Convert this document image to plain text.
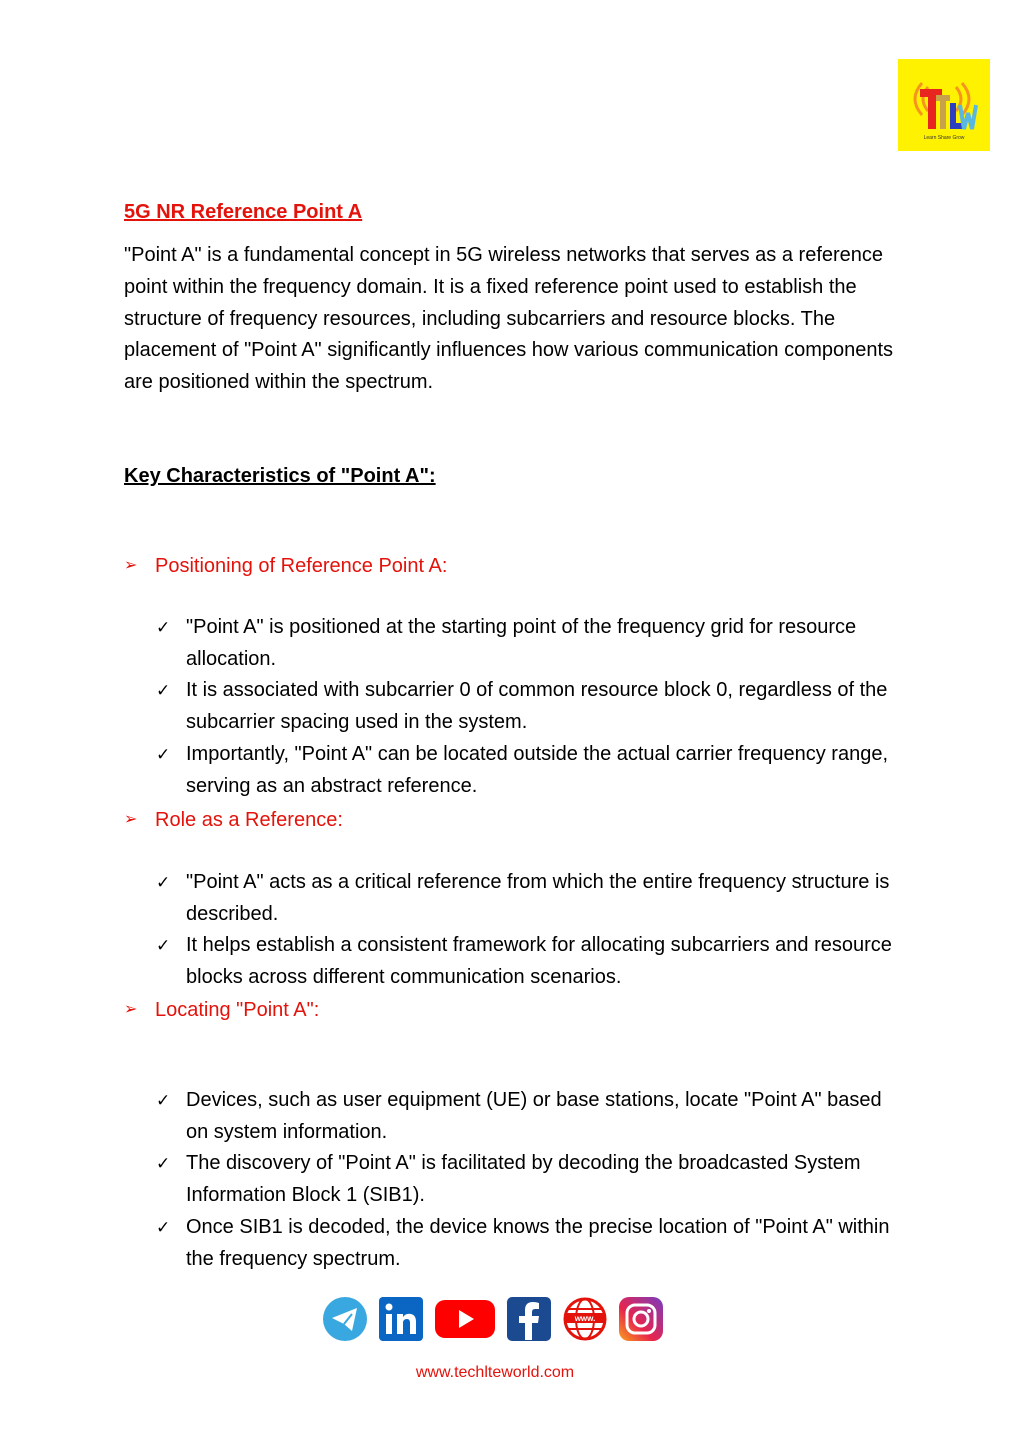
Learn Share Grow
5G NR Reference Point A

"Point A" is a fundamental concept in 5G wireless networks that serves as a reference point within the frequency domain. It is a fixed reference point used to establish the structure of frequency resources, including subcarriers and resource blocks. The placement of "Point A" significantly influences how various communication components are positioned within the spectrum.

Key Characteristics of "Point A":
➢ Positioning of Reference Point A:
✓ "Point A" is positioned at the starting point of the frequency grid for resource allocation.
✓ It is associated with subcarrier 0 of common resource block 0, regardless of the subcarrier spacing used in the system.
✓ Importantly, "Point A" can be located outside the actual carrier frequency range, serving as an abstract reference.
➢ Role as a Reference:
✓ "Point A" acts as a critical reference from which the entire frequency structure is described.
✓ It helps establish a consistent framework for allocating subcarriers and resource blocks across different communication scenarios.
➢ Locating "Point A":
✓ Devices, such as user equipment (UE) or base stations, locate "Point A" based on system information.
✓ The discovery of "Point A" is facilitated by decoding the broadcasted System Information Block 1 (SIB1).
✓ Once SIB1 is decoded, the device knows the precise location of "Point A" within the frequency spectrum.
www.
www.techlteworld.com
